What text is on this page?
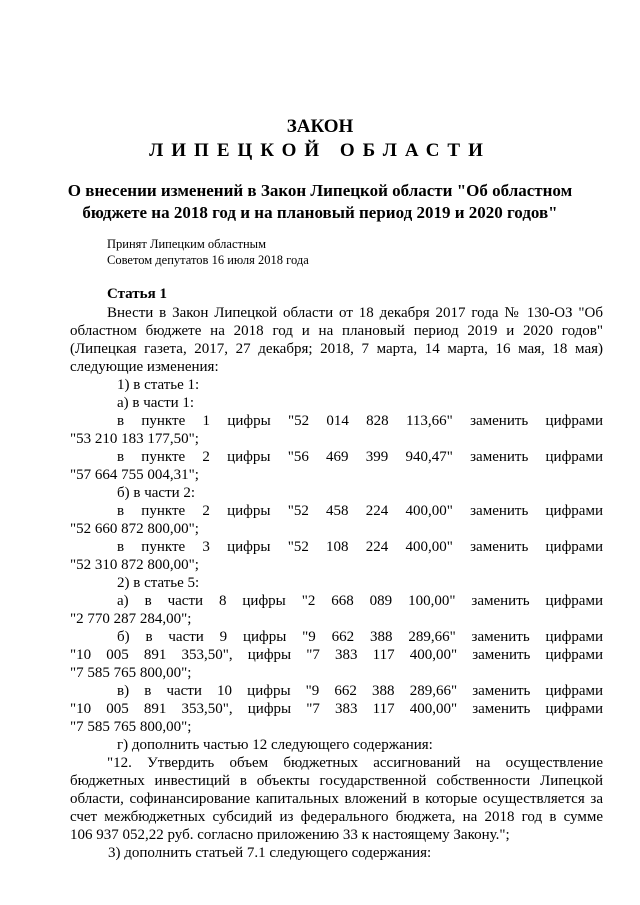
ЗАКОН
ЛИПЕЦКОЙ ОБЛАСТИ
О внесении изменений в Закон Липецкой области "Об областном
бюджете на 2018 год и на плановый период 2019 и 2020 годов"
Принят Липецким областным
Советом депутатов 16 июля 2018 года
Статья 1
Внести в Закон Липецкой области от 18 декабря 2017 года № 130-ОЗ "Об
областном бюджете на 2018 год и на плановый период 2019 и 2020 годов"
(Липецкая газета, 2017, 27 декабря; 2018, 7 марта, 14 марта, 16 мая, 18 мая)
следующие изменения:
1) в статье 1:
а) в части 1:
в пункте 1 цифры "52 014 828 113,66" заменить цифрами
"53 210 183 177,50";
в пункте 2 цифры "56 469 399 940,47" заменить цифрами
"57 664 755 004,31";
б) в части 2:
в пункте 2 цифры "52 458 224 400,00" заменить цифрами
"52 660 872 800,00";
в пункте 3 цифры "52 108 224 400,00" заменить цифрами
"52 310 872 800,00";
2) в статье 5:
а) в части 8 цифры "2 668 089 100,00" заменить цифрами
"2 770 287 284,00";
б) в части 9 цифры "9 662 388 289,66" заменить цифрами
"10 005 891 353,50", цифры "7 383 117 400,00" заменить цифрами
"7 585 765 800,00";
в) в части 10 цифры "9 662 388 289,66" заменить цифрами
"10 005 891 353,50", цифры "7 383 117 400,00" заменить цифрами
"7 585 765 800,00";
г) дополнить частью 12 следующего содержания:
"12. Утвердить объем бюджетных ассигнований на осуществление
бюджетных инвестиций в объекты государственной собственности Липецкой
области, софинансирование капитальных вложений в которые осуществляется за
счет межбюджетных субсидий из федерального бюджета, на 2018 год в сумме
106 937 052,22 руб. согласно приложению 33 к настоящему Закону.";
3) дополнить статьей 7.1 следующего содержания:
